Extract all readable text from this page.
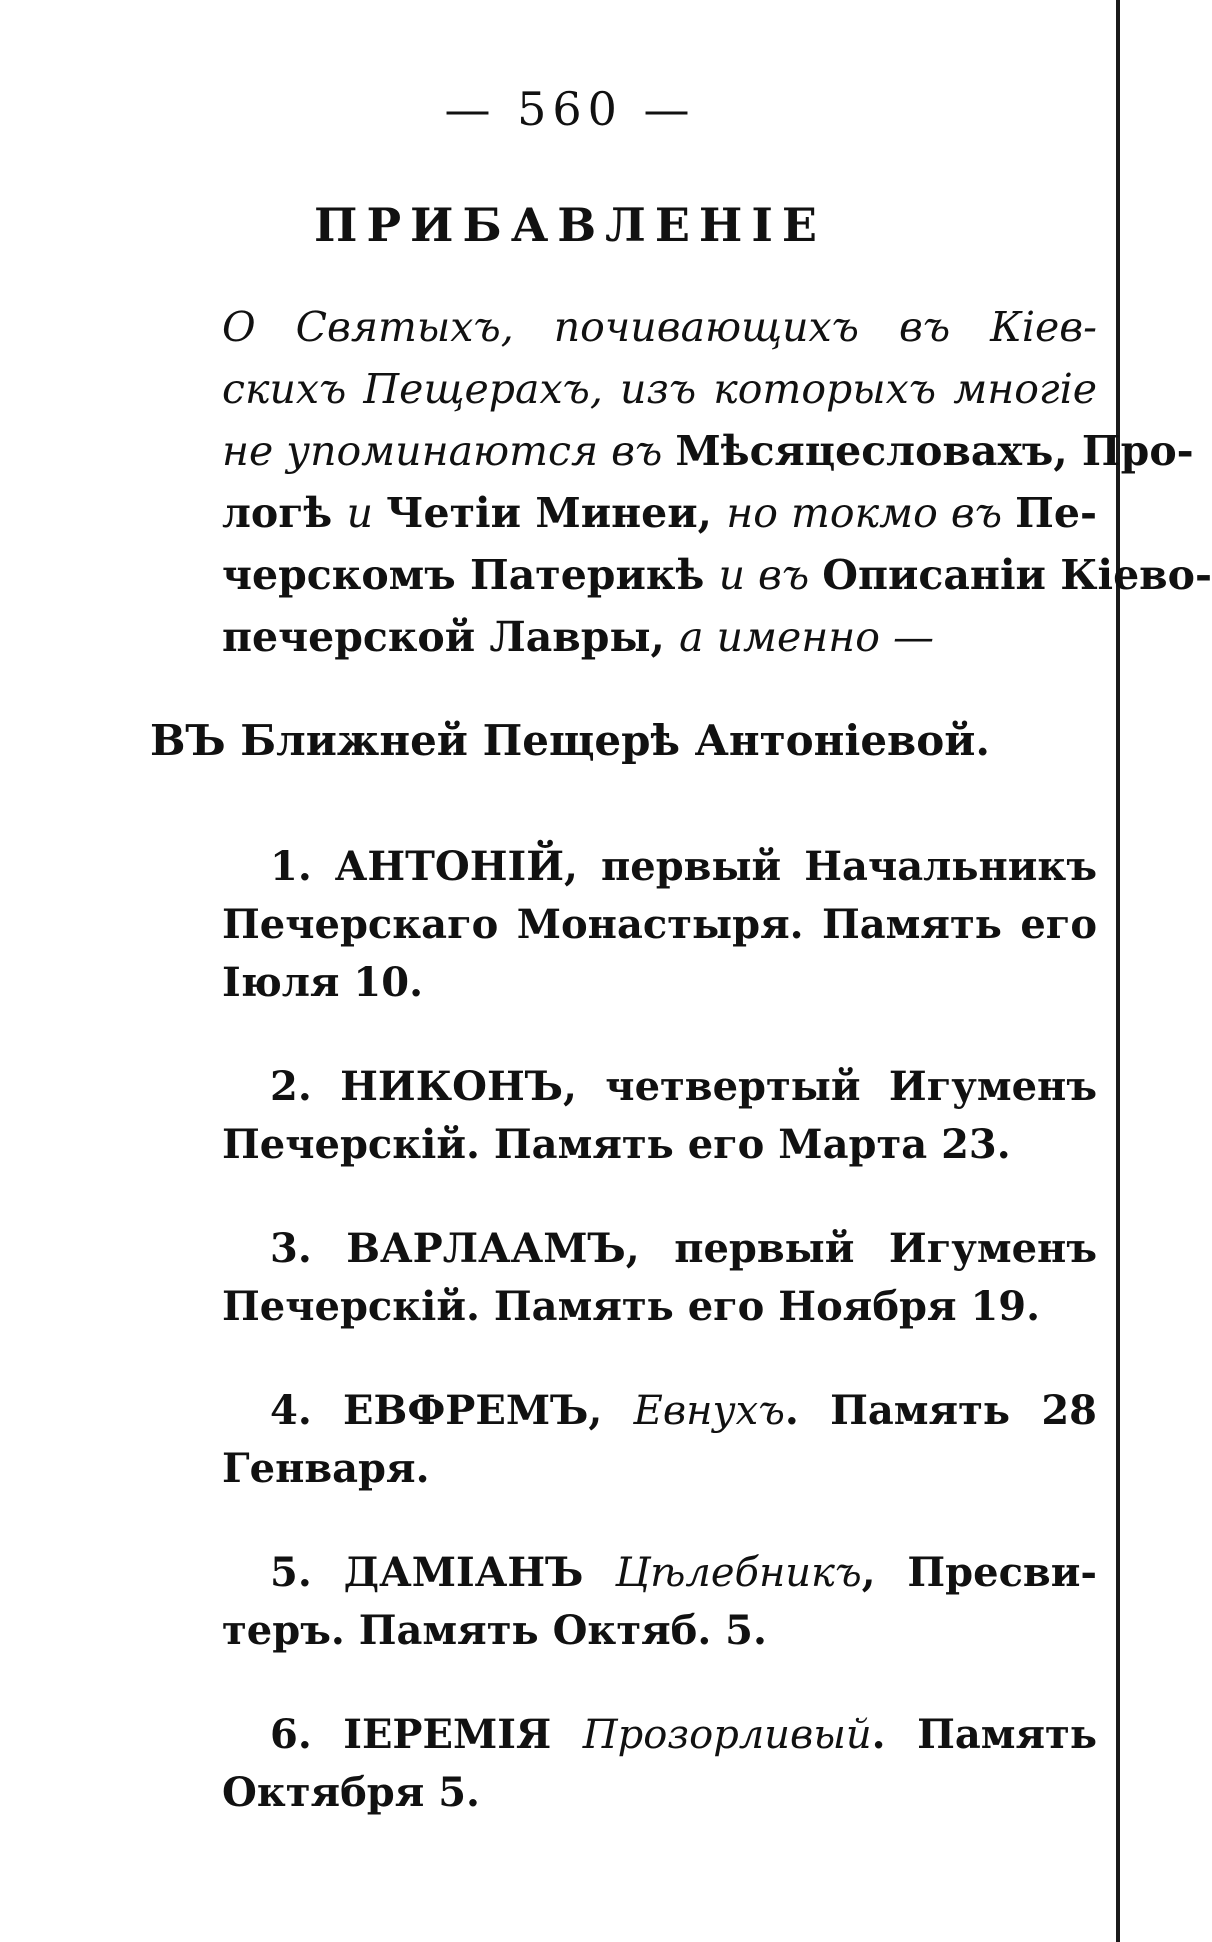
— 560 —
ПРИБАВЛЕНІЕ
О Святыхъ, почивающихъ въ Кіев-
скихъ Пещерахъ, изъ которыхъ многіе
не упоминаются въ Мѣсяцесловахъ, Про-
логѣ и Четіи Минеи, но токмо въ Пе-
черскомъ Патерикѣ и въ Описаніи Кіево-
печерской Лавры, а именно —
ВЪ Ближней Пещерѣ Антоніевой.
1. АНТОНІЙ, первый Начальникъ
Печерскаго Монастыря. Память его
Іюля 10.
2. НИКОНЪ, четвертый Игуменъ
Печерскій. Память его Марта 23.
3. ВАРЛААМЪ, первый Игуменъ
Печерскій. Память его Ноября 19.
4. ЕВФРЕМЪ, Евнухъ. Память 28
Генваря.
5. ДАМІАНЪ Цѣлебникъ, Пресви-
теръ. Память Октяб. 5.
6. ІЕРЕМІЯ Прозорливый. Память
Октября 5.
